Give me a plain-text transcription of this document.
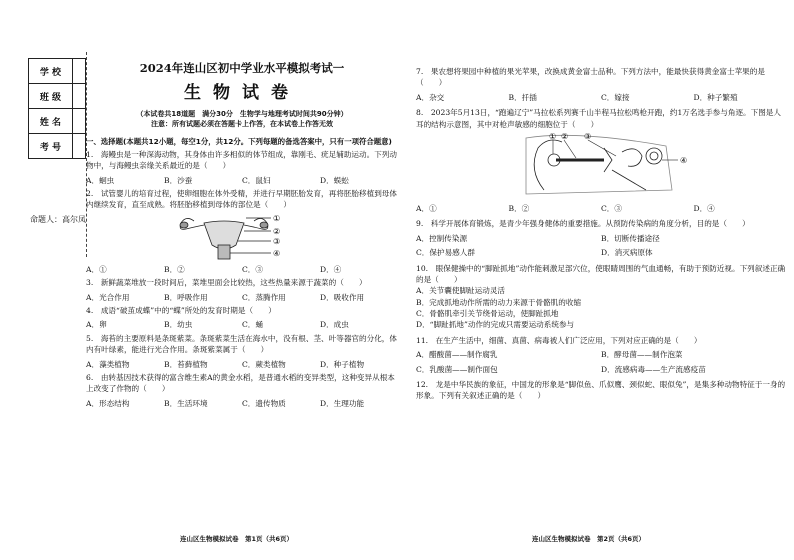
学 校	
班 级	
姓 名	
考 号	
命题人：高尔凤

2024年连山区初中学业水平模拟考试一

生物试卷

（本试卷共18道题　满分30分　生物学与地理考试时间共90分钟）

注意：所有试题必须在答题卡上作答，在本试卷上作答无效

一、选择题(本题共12小题，每空1分，共12分。下列每题的备选答案中，只有一项符合题意)

1.　海鳗虫是一种深海动物，其身体由许多相似的体节组成，靠刚毛、疣足辅助运动。下列动物中，与海鳗虫亲缘关系最近的是（　　）

A．蛔虫	B．沙蚕	C．鼠妇	D．蜈蚣

2.　试管婴儿的培育过程，使卵细胞在体外受精，并进行早期胚胎发育，再将胚胎移植到母体内继续发育，直至成熟。将胚胎移植到母体的部位是（　　）

①
②
③
④
A．①	B．②	C．③	D．④

3.　新鲜蔬菜堆放一段时间后，菜堆里面会比较热，这些热量来源于蔬菜的（　　）

A．光合作用	B．呼吸作用	C．蒸腾作用	D．吸收作用

4.　成语“破茧成蝶”中的“蝶”所处的发育时期是（　　）

A．卵	B．幼虫	C．蛹	D．成虫

5.　海苔的主要原料是条斑紫菜。条斑紫菜生活在海水中，没有根、茎、叶等器官的分化，体内有叶绿素，能进行光合作用。条斑紫菜属于（　　）

A．藻类植物	B．苔藓植物	C．蕨类植物	D．种子植物

6.　由转基因技术获得的富含维生素A的黄金水稻，是普通水稻的变异类型，这种变异从根本上改变了作物的（　　）

A．形态结构	B．生活环境	C．遗传物质	D．生理功能
连山区生物模拟试卷　第1页（共6页）

7.　果农想将果园中种植的果光苹果，改换成黄金富士品种。下列方法中，能最快获得黄金富士苹果的是（　　）

A．杂交	B．扦插	C．嫁接	D．种子繁殖

8.　2023年5月13日，“跑遍辽宁”马拉松系列赛千山半程马拉松鸣枪开跑，约1万名选手参与角逐。下图是人耳的结构示意图，其中对枪声敏感的细胞位于（　　）

① ② ③
④
A．①	B．②	C．③	D．④

9.　科学开展体育锻炼，是青少年强身健体的重要措施。从预防传染病的角度分析，目的是（　　）

A．控制传染源	B．切断传播途径
C．保护易感人群	D．消灭病原体

10.　眼保健操中的“脚趾抓地”动作能刺激足部穴位，使眼睛周围的气血通畅，有助于预防近视。下列叙述正确的是（　　）

A．关节囊使脚趾运动灵活

B．完成抓地动作所需的动力来源于骨骼肌的收缩

C．骨骼肌牵引关节绕骨运动，使脚趾抓地

D．“脚趾抓地”动作的完成只需要运动系统参与

11.　在生产生活中，细菌、真菌、病毒被人们广泛应用，下列对应正确的是（　　）

A．醋酸菌——制作腐乳	B．酵母菌——制作泡菜
C．乳酸菌——制作面包	D．流感病毒——生产流感疫苗

12.　龙是中华民族的象征，中国龙的形象是“脚似鱼、爪似鹰、颈似蛇、眼似兔”，是集多种动物特征于一身的形象。下列有关叙述正确的是（　　）

连山区生物模拟试卷　第2页（共6页）
